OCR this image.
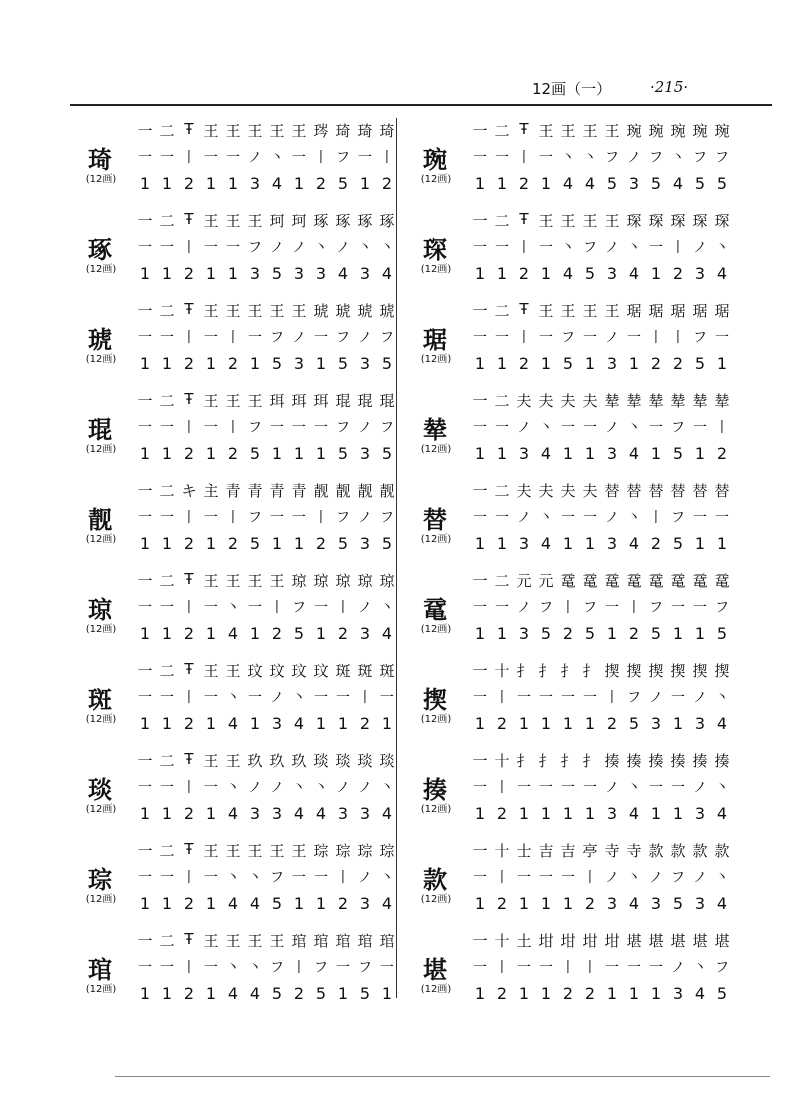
12画（一）	·215·
琦
(12画)
一 二 Ŧ 王 王 王 王 王 琌 琦 琦 琦
一 一 丨 一 一 ノ 丶 一 丨 フ 一 丨
1 1 2 1 1 3 4 1 2 5 1 2
琢
(12画)
一 二 Ŧ 王 王 王 珂 珂 琢 琢 琢 琢
一 一 丨 一 一 フ ノ ノ 丶 ノ 丶 丶
1 1 2 1 1 3 5 3 3 4 3 4
琥
(12画)
一 二 Ŧ 王 王 王 王 王 琥 琥 琥 琥
一 一 丨 一 丨 一 フ ノ 一 フ ノ フ
1 1 2 1 2 1 5 3 1 5 3 5
琨
(12画)
一 二 Ŧ 王 王 王 珥 珥 珥 琨 琨 琨
一 一 丨 一 丨 フ 一 一 一 フ ノ フ
1 1 2 1 2 5 1 1 1 5 3 5
靓
(12画)
一 二 キ 主 青 青 青 青 靓 靓 靓 靓
一 一 丨 一 丨 フ 一 一 丨 フ ノ フ
1 1 2 1 2 5 1 1 2 5 3 5
琼
(12画)
一 二 Ŧ 王 王 王 王 琼 琼 琼 琼 琼
一 一 丨 一 丶 一 丨 フ 一 丨 ノ 丶
1 1 2 1 4 1 2 5 1 2 3 4
斑
(12画)
一 二 Ŧ 王 王 玟 玟 玟 玟 斑 斑 斑
一 一 丨 一 丶 一 ノ 丶 一 一 丨 一
1 1 2 1 4 1 3 4 1 1 2 1
琰
(12画)
一 二 Ŧ 王 王 玖 玖 玖 琰 琰 琰 琰
一 一 丨 一 丶 ノ ノ 丶 丶 ノ ノ 丶
1 1 2 1 4 3 3 4 4 3 3 4
琮
(12画)
一 二 Ŧ 王 王 王 王 王 琮 琮 琮 琮
一 一 丨 一 丶 丶 フ 一 一 丨 ノ 丶
1 1 2 1 4 4 5 1 1 2 3 4
琯
(12画)
一 二 Ŧ 王 王 王 王 琯 琯 琯 琯 琯
一 一 丨 一 丶 丶 フ 丨 フ 一 フ 一
1 1 2 1 4 4 5 2 5 1 5 1
琬
(12画)
一 二 Ŧ 王 王 王 王 琬 琬 琬 琬 琬
一 一 丨 一 丶 丶 フ ノ フ 丶 フ フ
1 1 2 1 4 4 5 3 5 4 5 5
琛
(12画)
一 二 Ŧ 王 王 王 王 琛 琛 琛 琛 琛
一 一 丨 一 丶 フ ノ 丶 一 丨 ノ 丶
1 1 2 1 4 5 3 4 1 2 3 4
琚
(12画)
一 二 Ŧ 王 王 王 王 琚 琚 琚 琚 琚
一 一 丨 一 フ 一 ノ 一 丨 丨 フ 一
1 1 2 1 5 1 3 1 2 2 5 1
辇
(12画)
一 二 夫 夫 夫 夫 辇 辇 辇 辇 辇 辇
一 一 ノ 丶 一 一 ノ 丶 一 フ 一 丨
1 1 3 4 1 1 3 4 1 5 1 2
替
(12画)
一 二 夫 夫 夫 夫 替 替 替 替 替 替
一 一 ノ 丶 一 一 ノ 丶 丨 フ 一 一
1 1 3 4 1 1 3 4 2 5 1 1
鼋
(12画)
一 二 元 元 鼋 鼋 鼋 鼋 鼋 鼋 鼋 鼋
一 一 ノ フ 丨 フ 一 丨 フ 一 一 フ
1 1 3 5 2 5 1 2 5 1 1 5
揳
(12画)
一 十 扌 扌 扌 扌 揳 揳 揳 揳 揳 揳
一 丨 一 一 一 一 丨 フ ノ 一 ノ 丶
1 2 1 1 1 1 2 5 3 1 3 4
揍
(12画)
一 十 扌 扌 扌 扌 揍 揍 揍 揍 揍 揍
一 丨 一 一 一 一 ノ 丶 一 一 ノ 丶
1 2 1 1 1 1 3 4 1 1 3 4
款
(12画)
一 十 士 吉 吉 亭 寺 寺 款 款 款 款
一 丨 一 一 一 丨 ノ 丶 ノ フ ノ 丶
1 2 1 1 1 2 3 4 3 5 3 4
堪
(12画)
一 十 土 坩 坩 坩 坩 堪 堪 堪 堪 堪
一 丨 一 一 丨 丨 一 一 一 ノ 丶 フ
1 2 1 1 2 2 1 1 1 3 4 5
